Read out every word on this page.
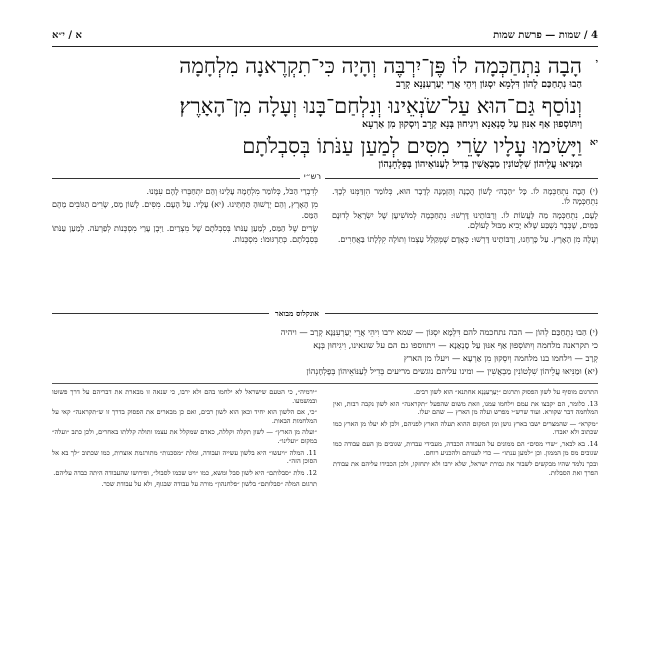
4 / שמות — פרשת שמות
א / י״א
י
הָבָה נִּתְחַכְּמָה לוֹ פֶּן־יִרְבֶּה וְהָיָה כִּי־תִקְרֶאנָה מִלְחָמָה
הַבוּ נִתְחַכַּם לְהוֹן דִּלְמָא יִסְגּוֹן וִיהֵי אֲרֵי יְעַרְעִנַּנָא קְרָב
וְנוֹסַף גַּם־הוּא עַל־שֹׂנְאֵינוּ וְנִלְחַם־בָּנוּ וְעָלָה מִן־הָאָרֶץ׃
וְיִתּוֹסְפוּן אַף אִנּוּן עַל סָנְאַנָא וִיגִיחוּן בְּנָא קְרָב וְיִסְקוּן מִן אַרְעָא
יא
וַיָּשִׂימוּ עָלָיו שָׂרֵי מִסִּים לְמַעַן עַנֹּתוֹ בְּסִבְלֹתָם
וּמַנִּיאוּ עֲלֵיהוֹן שִׁלְטוֹנִין מַבְאֲשִׁין בְּדִיל לְעַנּוֹאֵיהוֹן בְּפָלְחָנְהוֹן
רש״י

(י) הָבָה נִתְחַכְּמָה לוֹ. כָּל ״הָבָה״ לָשׁוֹן הֲכָנָה וְהַזְמָנָה לְדָבָר הוּא, כְּלוֹמַר הִזְדַּמְּנוּ לְכָךְ. נִתְחַכְּמָה לוֹ.

לָעָם, נִתְחַכְּמָה מַה לַּעֲשׂוֹת לוֹ. וְרַבּוֹתֵינוּ דָּרְשׁוּ: נִתְחַכְּמָה לְמוֹשִׁיעָן שֶׁל יִשְׂרָאֵל לְדוּנָם בַּמַּיִם, שֶׁכְּבָר נִשְׁבַּע שֶׁלֹּא יָבִיא מַבּוּל לָעוֹלָם.

וְעָלָה מִן הָאָרֶץ. עַל כָּרְחֵנוּ, וְרַבּוֹתֵינוּ דָּרְשׁוּ: כְּאָדָם שֶׁמְּקַלֵּל עַצְמוֹ וְתוֹלֶה קִלְלָתוֹ בַּאֲחֵרִים.

לְדִבְרֵי הַכֹּל, כְּלוֹמַר מִלְחָמָה עָלֵינוּ וְהֵם יִתְחַבְּרוּ לָהֶם עִמָּנוּ.

מִן הָאָרֶץ, וְהֵם יְרָשׁוּהָ תַּחְתֵּינוּ. (יא) עָלָיו. עַל הָעָם. מִסִּים. לָשׁוֹן מַס, שָׂרִים הַגּוֹבִים מֵהֶם הַמַּס.

שָׂרִים שֶׁל הַמַּס, לְמַעַן עַנֹּתוֹ בְּסִבְלֹתָם שֶׁל מִצְרַיִם. וַיִּבֶן עָרֵי מִסְכְּנוֹת לְפַרְעֹה. לְמַעַן עַנֹּתוֹ בְּסִבְלֹתָם. כְּתַרְגּוּמוֹ: מִסְכְּנוֹת.

אונקלוס מבואר

(י) הַבוּ נִתְחַכַּם לְהוֹן — הבה נתחכמה להם דִּלְמָא יִסְגּוֹן — שמא ירבו וִיהֵי אֲרֵי יְעַרְעִנַּנָא קְרָב — ויהיה

כי תקראנה מלחמה וְיִתּוֹסְפוּן אַף אִנּוּן עַל סָנְאַנָא — ויתווספו גם הם על שונאינו, וִיגִיחוּן בְּנָא

קְרָב — וילחמו בנו מלחמה וְיִסְקוּן מִן אַרְעָא — ויעלו מן הארץ

(יא) וּמַנִּיאוּ עֲלֵיהוֹן שִׁלְטוֹנִין מַבְאֲשִׁין — ומינו עליהם נוגשים מריעים בְּדִיל לְעַנּוֹאֵיהוֹן בְּפָלְחָנְהוֹן

התרגום מוסיף על לשון הפסוק ותרגום ״יְעַרְעִנַּנָא אחתנא״ הוא לשון רבים.

13. כלומר, הם יקבצו את עמם וילחמו עמנו, וזאת משום שהפעל ״תקראנה״ הוא לשון נקבה רבות, ואין המלחמה דבר שקורא. ועוד שרש״י מפרש ועלה מן הארץ — שהם יעלו.

״מקרא״ — שהמצרים ישבו בארץ גושן ומן המקום ההוא תעלה הארץ לפניהם, ולכן לא יעלו מן הארץ כמו שכתוב ולא יאבדו.

14. בא לבאר, ״שרי מסים״ הם ממונים על העבודה הכבדה, מעבידי עבדות, שגובים מן העם עבודה כמו שגובים מס מן הממון. וכן ״למען ענתו״ — כדי לענותם ולהכניע רוחם.

ובכך נלמד שהיו מבקשים לשבור את גבורת ישראל, שלא ירבו ולא יתחזקו, ולכן הכבידו עליהם את עבודת הפרך ואת הסבלות.

״ירמיה״, כי הטעם שישראל לא ילחמו בהם ולא ירבו, כי שנאה זו מבארת את דבריהם על דרך פשוטו ובמשמעו.

״כי, אם הלשון הוא יחיד וכאן הוא לשון רבים, ואם כן מבארים את הפסוק בדרך זו ש״תקראנה״ קאי על המלחמות הבאות.

״ועלה מן הארץ״ — לשון תקלה וקללה, כאדם שמקלל את עצמו ותולה קללתו באחרים, ולכן כתב ״ועלה״ במקום ״ועלינו״.

11. המלה ״ויעשו״ היא בלשון עשייה ועבודה, ומלת ״מסכנות״ מתורגמת אוצרות, כמו שכתוב ״לך בא אל הסוכן הזה״.

12. מלת ״סבלותם״ היא לשון סבל ומשא, כמו ״ויט שכמו לסבול״, ופירושו שהעבודה היתה כבדה עליהם.

תרגום המלה ״סבלותם״ בלשון ״פלחנהון״ מורה על עבודה שבגוף, ולא על עבודת שכר.
